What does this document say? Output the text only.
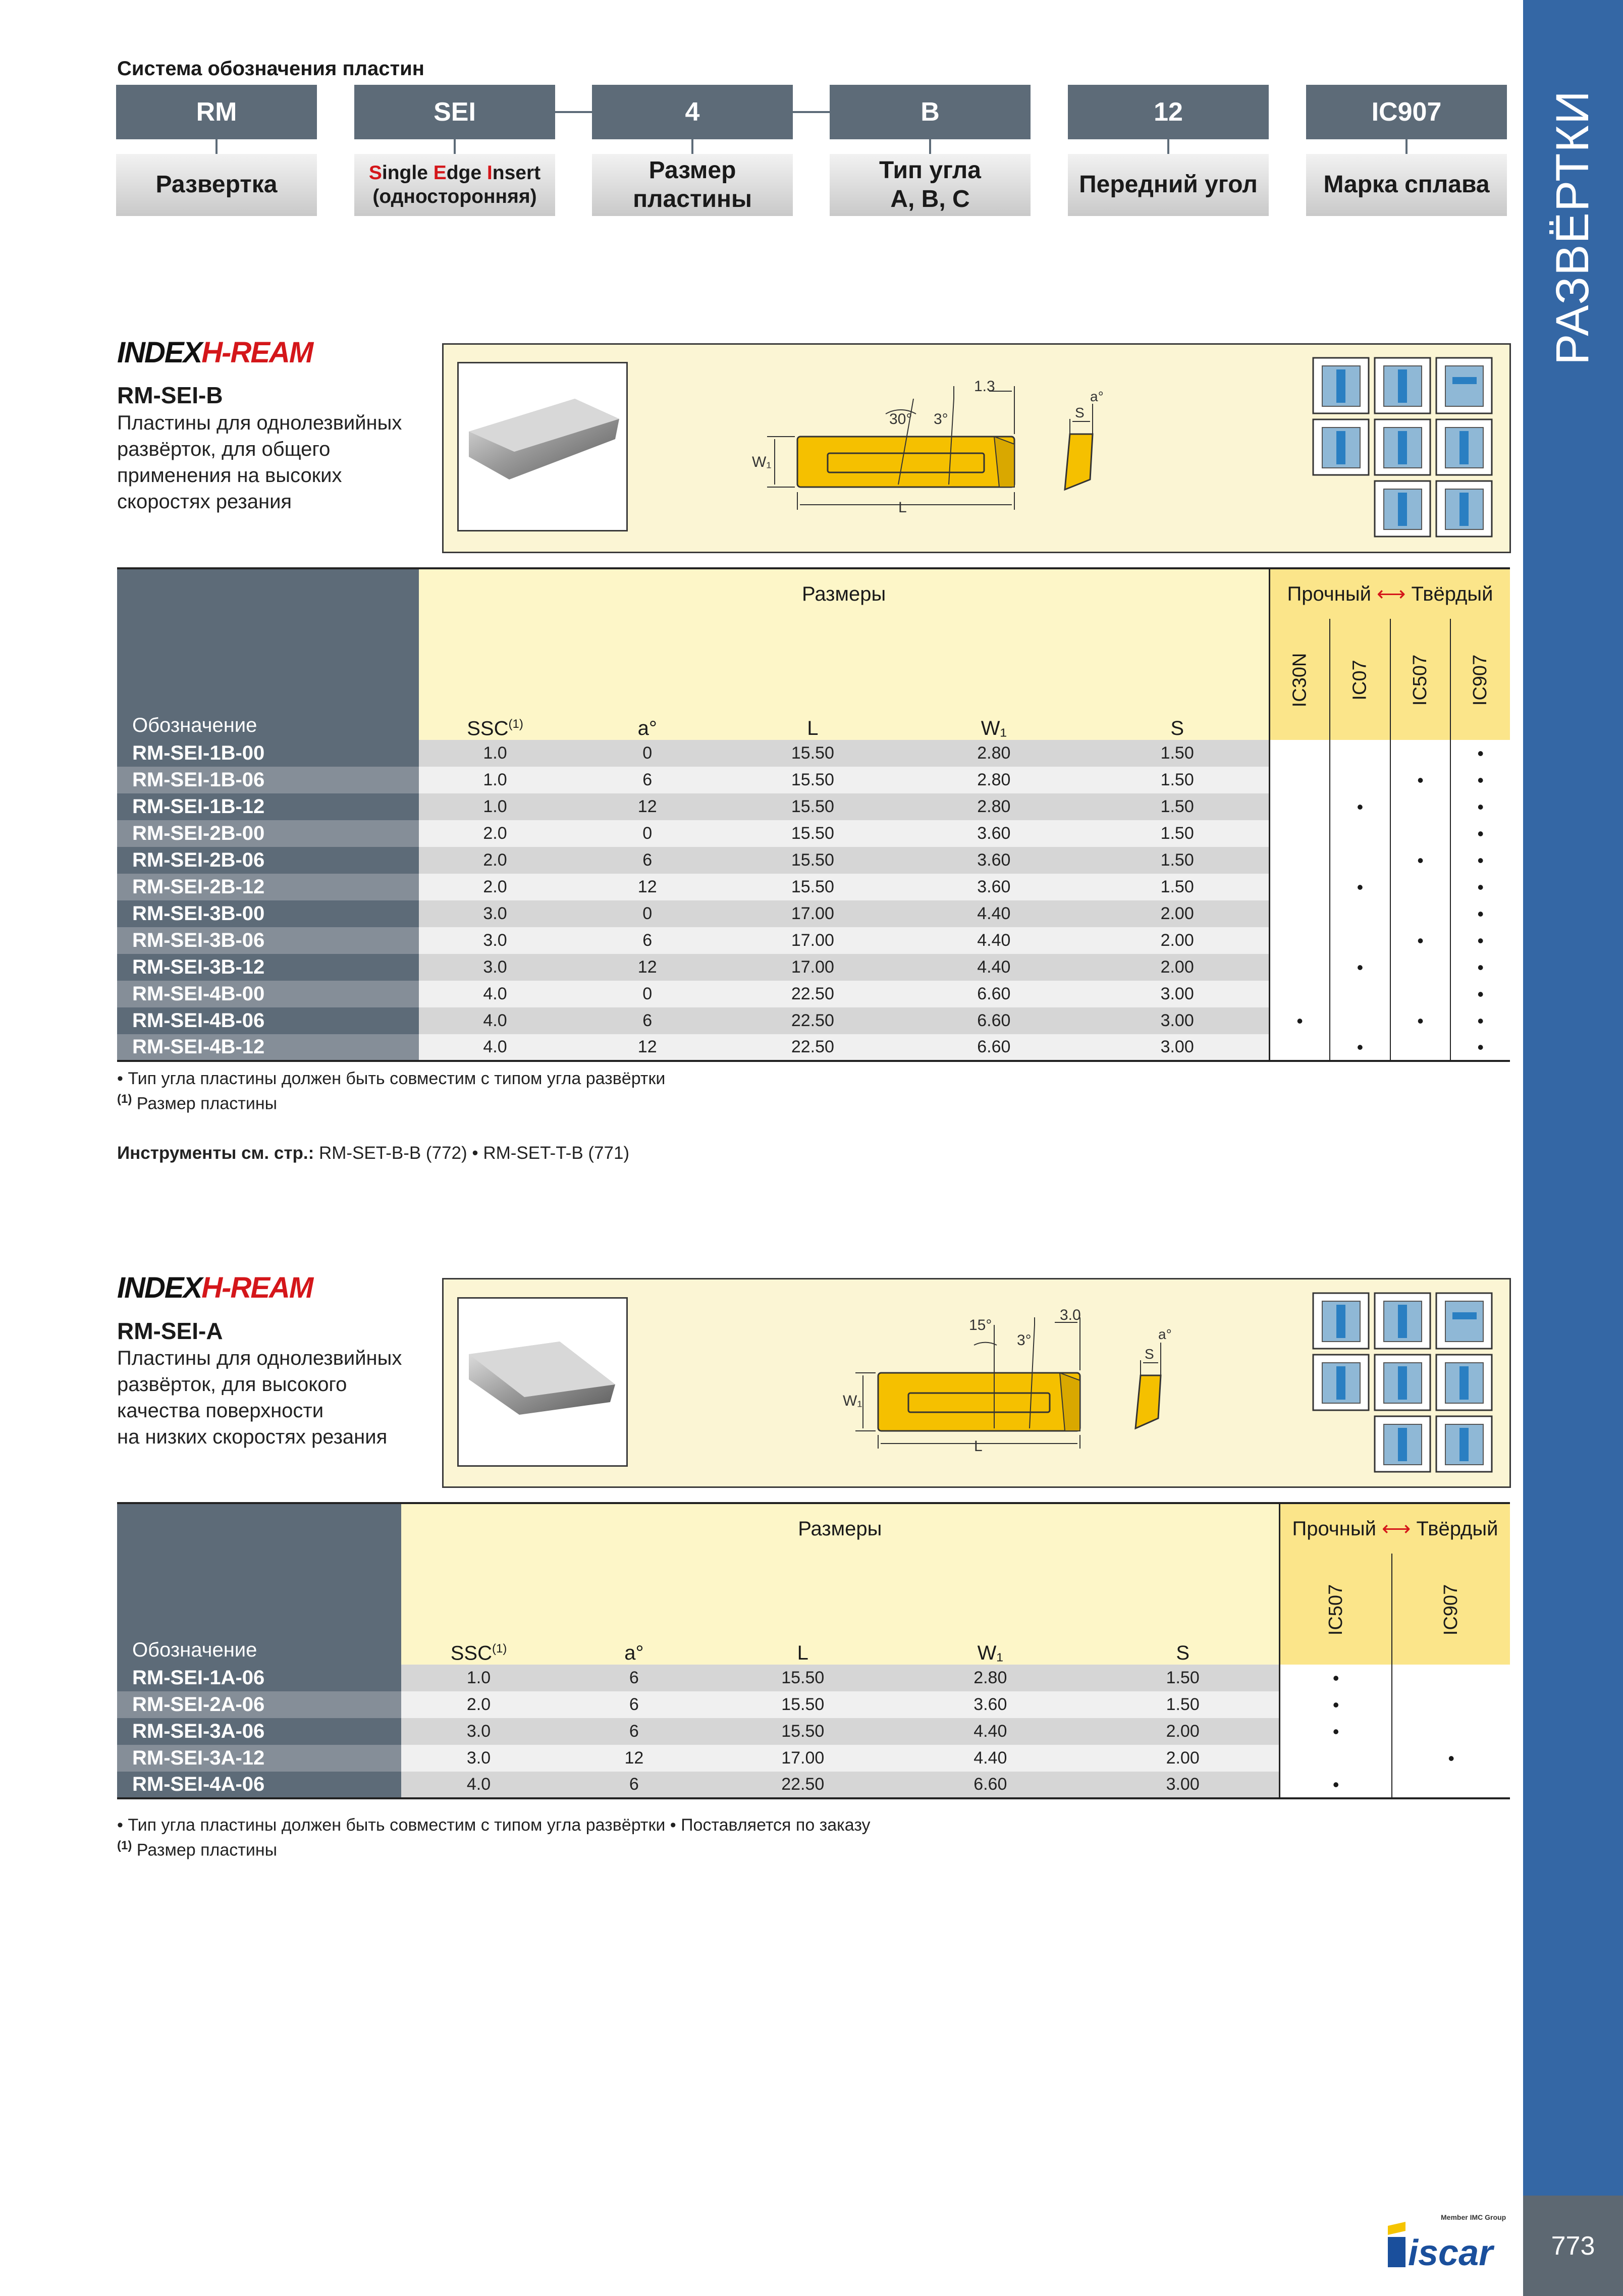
РАЗВЁРТКИ
773
Member IMC Group
iscar
Система обозначения пластин
RM
Развертка
SEI
Single Edge Insert
(односторонняя)
4
Размер
пластины
B
Тип угла
A, B, C
12
Передний угол
IC907
Марка сплава
INDEXH-REAM
RM-SEI-B
Пластины для однолезвийных
развёрток, для общего
применения на высоких
скоростях резания
W₁
L
30° 3°
1.3
S
a°
Обозначение	Размеры					Прочный ⟷ Твёрдый			
	SSC$^{(1)}$	a°	L	W₁	S	IC30N	IC07	IC507	IC907
RM-SEI-1B-00	1.0	0	15.50	2.80	1.50				•
RM-SEI-1B-06	1.0	6	15.50	2.80	1.50			•	•
RM-SEI-1B-12	1.0	12	15.50	2.80	1.50		•		•
RM-SEI-2B-00	2.0	0	15.50	3.60	1.50				•
RM-SEI-2B-06	2.0	6	15.50	3.60	1.50			•	•
RM-SEI-2B-12	2.0	12	15.50	3.60	1.50		•		•
RM-SEI-3B-00	3.0	0	17.00	4.40	2.00				•
RM-SEI-3B-06	3.0	6	17.00	4.40	2.00			•	•
RM-SEI-3B-12	3.0	12	17.00	4.40	2.00		•		•
RM-SEI-4B-00	4.0	0	22.50	6.60	3.00				•
RM-SEI-4B-06	4.0	6	22.50	6.60	3.00	•		•	•
RM-SEI-4B-12	4.0	12	22.50	6.60	3.00		•		•
• Тип угла пластины должен быть совместим с типом угла развёртки
$^{(1)}$ Размер пластины
Инструменты см. стр.: RM-SET-B-B (772) • RM-SET-T-B (771)
INDEXH-REAM
RM-SEI-A
Пластины для однолезвийных
развёрток, для высокого
качества поверхности
на низких скоростях резания
W₁
L
15°
3°
3.0
S
a°
Обозначение	Размеры					Прочный ⟷ Твёрдый	
	SSC$^{(1)}$	a°	L	W₁	S	IC507	IC907
RM-SEI-1A-06	1.0	6	15.50	2.80	1.50	•	
RM-SEI-2A-06	2.0	6	15.50	3.60	1.50	•	
RM-SEI-3A-06	3.0	6	15.50	4.40	2.00	•	
RM-SEI-3A-12	3.0	12	17.00	4.40	2.00		•
RM-SEI-4A-06	4.0	6	22.50	6.60	3.00	•	
• Тип угла пластины должен быть совместим с типом угла развёртки • Поставляется по заказу
$^{(1)}$ Размер пластины
